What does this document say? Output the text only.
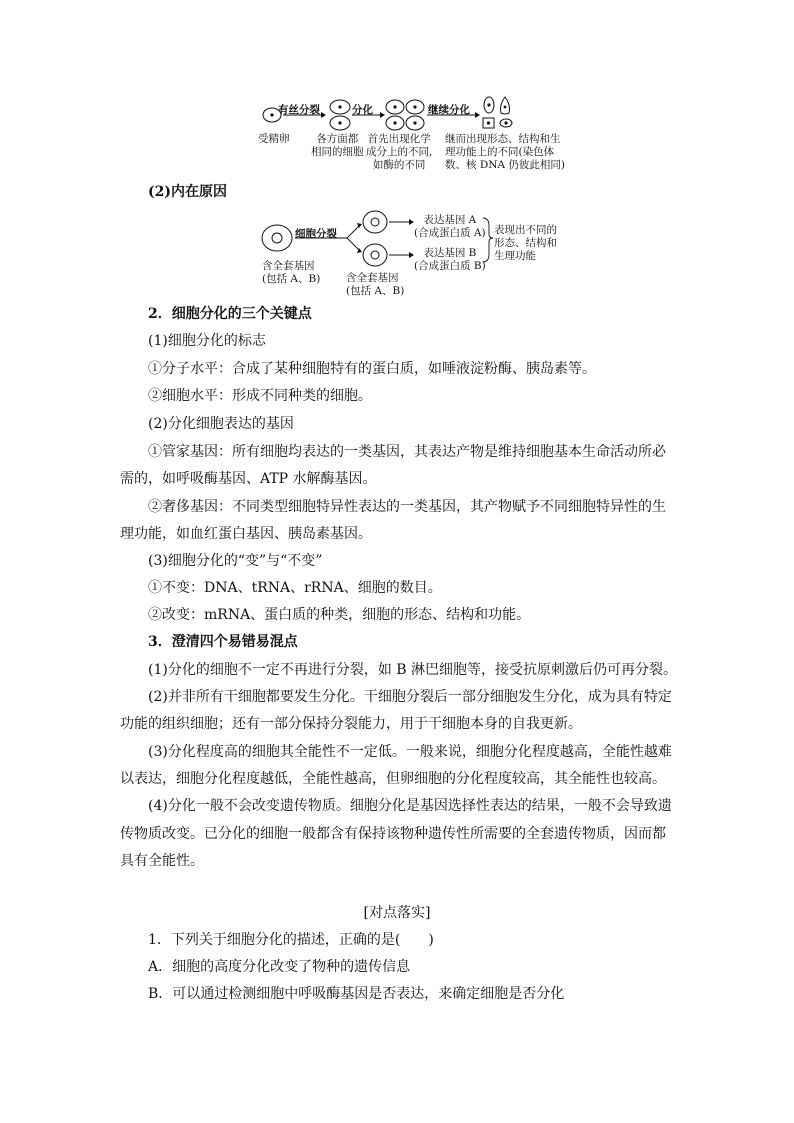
有丝分裂	分化	继续分化
受精卵	各方面都
相同的细胞
首先出现化学
成分上的不同,
如酶的不同
继而出现形态、结构和生
理功能上的不同(染色体
数、核 DNA 仍彼此相同)
(2)内在原因
细胞分裂
含全套基因
(包括 A、B) 含全套基因
(包括 A、B)
表达基因 A
(合成蛋白质 A)
表达基因 B
(合成蛋白质 B)
表现出不同的
形态、结构和
生理功能
2．细胞分化的三个关键点
(1)细胞分化的标志
①分子水平：合成了某种细胞特有的蛋白质，如唾液淀粉酶、胰岛素等。
②细胞水平：形成不同种类的细胞。
(2)分化细胞表达的基因
①管家基因：所有细胞均表达的一类基因，其表达产物是维持细胞基本生命活动所必
需的，如呼吸酶基因、ATP 水解酶基因。
②奢侈基因：不同类型细胞特异性表达的一类基因，其产物赋予不同细胞特异性的生
理功能，如血红蛋白基因、胰岛素基因。
(3)细胞分化的“变”与“不变”
①不变：DNA、tRNA、rRNA、细胞的数目。
②改变：mRNA、蛋白质的种类，细胞的形态、结构和功能。
3．澄清四个易错易混点
(1)分化的细胞不一定不再进行分裂，如 B 淋巴细胞等，接受抗原刺激后仍可再分裂。
(2)并非所有干细胞都要发生分化。干细胞分裂后一部分细胞发生分化，成为具有特定
功能的组织细胞；还有一部分保持分裂能力，用于干细胞本身的自我更新。
(3)分化程度高的细胞其全能性不一定低。一般来说，细胞分化程度越高，全能性越难
以表达，细胞分化程度越低，全能性越高，但卵细胞的分化程度较高，其全能性也较高。
(4)分化一般不会改变遗传物质。细胞分化是基因选择性表达的结果，一般不会导致遗
传物质改变。已分化的细胞一般都含有保持该物种遗传性所需要的全套遗传物质，因而都
具有全能性。
[对点落实]
1．下列关于细胞分化的描述，正确的是(　　)
A．细胞的高度分化改变了物种的遗传信息
B．可以通过检测细胞中呼吸酶基因是否表达，来确定细胞是否分化
